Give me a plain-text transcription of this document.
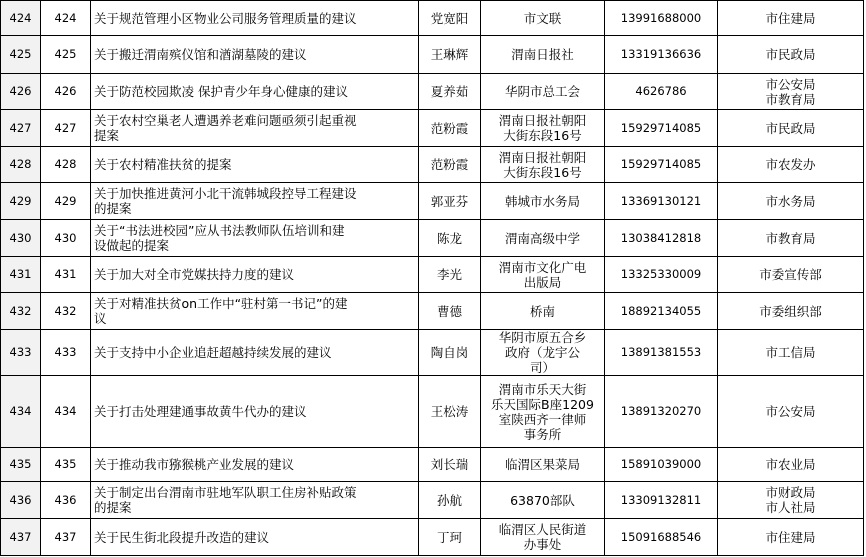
424	424	关于规范管理小区物业公司服务管理质量的建议	党宽阳	市文联	13991688000	市住建局

425	425	关于搬迁渭南殡仪馆和湭湖墓陵的建议	王琳辉	渭南日报社	13319136636	市民政局

426	426	关于防范校园欺凌 保护青少年身心健康的建议	夏养茹	华阴市总工会	4626786	市公安局
市教育局

427	427	关于农村空巢老人遭遇养老难问题亟须引起重视
提案	范粉霞	渭南日报社朝阳
大街东段16号	15929714085	市民政局

428	428	关于农村精准扶贫的提案	范粉霞	渭南日报社朝阳
大街东段16号	15929714085	市农发办

429	429	关于加快推进黄河小北干流韩城段控导工程建设
的提案	郭亚芬	韩城市水务局	13369130121	市水务局

430	430	关于“书法进校园”应从书法教师队伍培训和建
设做起的提案	陈龙	渭南高级中学	13038412818	市教育局

431	431	关于加大对全市党媒扶持力度的建议	李光	渭南市文化广电
出版局	13325330009	市委宣传部

432	432	关于对精准扶贫on工作中“驻村第一书记”的建
议	曹德	桥南	18892134055	市委组织部

433	433	关于支持中小企业追赶超越持续发展的建议	陶自岗	华阴市原五合乡
政府（龙宇公
司）	13891381553	市工信局

434	434	关于打击处理建通事故黄牛代办的建议	王松涛	渭南市乐天大街
乐天国际B座1209
室陕西齐一律师
事务所	13891320270	市公安局

435	435	关于推动我市猕猴桃产业发展的建议	刘长瑞	临渭区果菜局	15891039000	市农业局

436	436	关于制定出台渭南市驻地军队职工住房补贴政策
的提案	孙航	63870部队	13309132811	市财政局
市人社局

437	437	关于民生街北段提升改造的建议	丁珂	临渭区人民街道
办事处	15091688546	市住建局
